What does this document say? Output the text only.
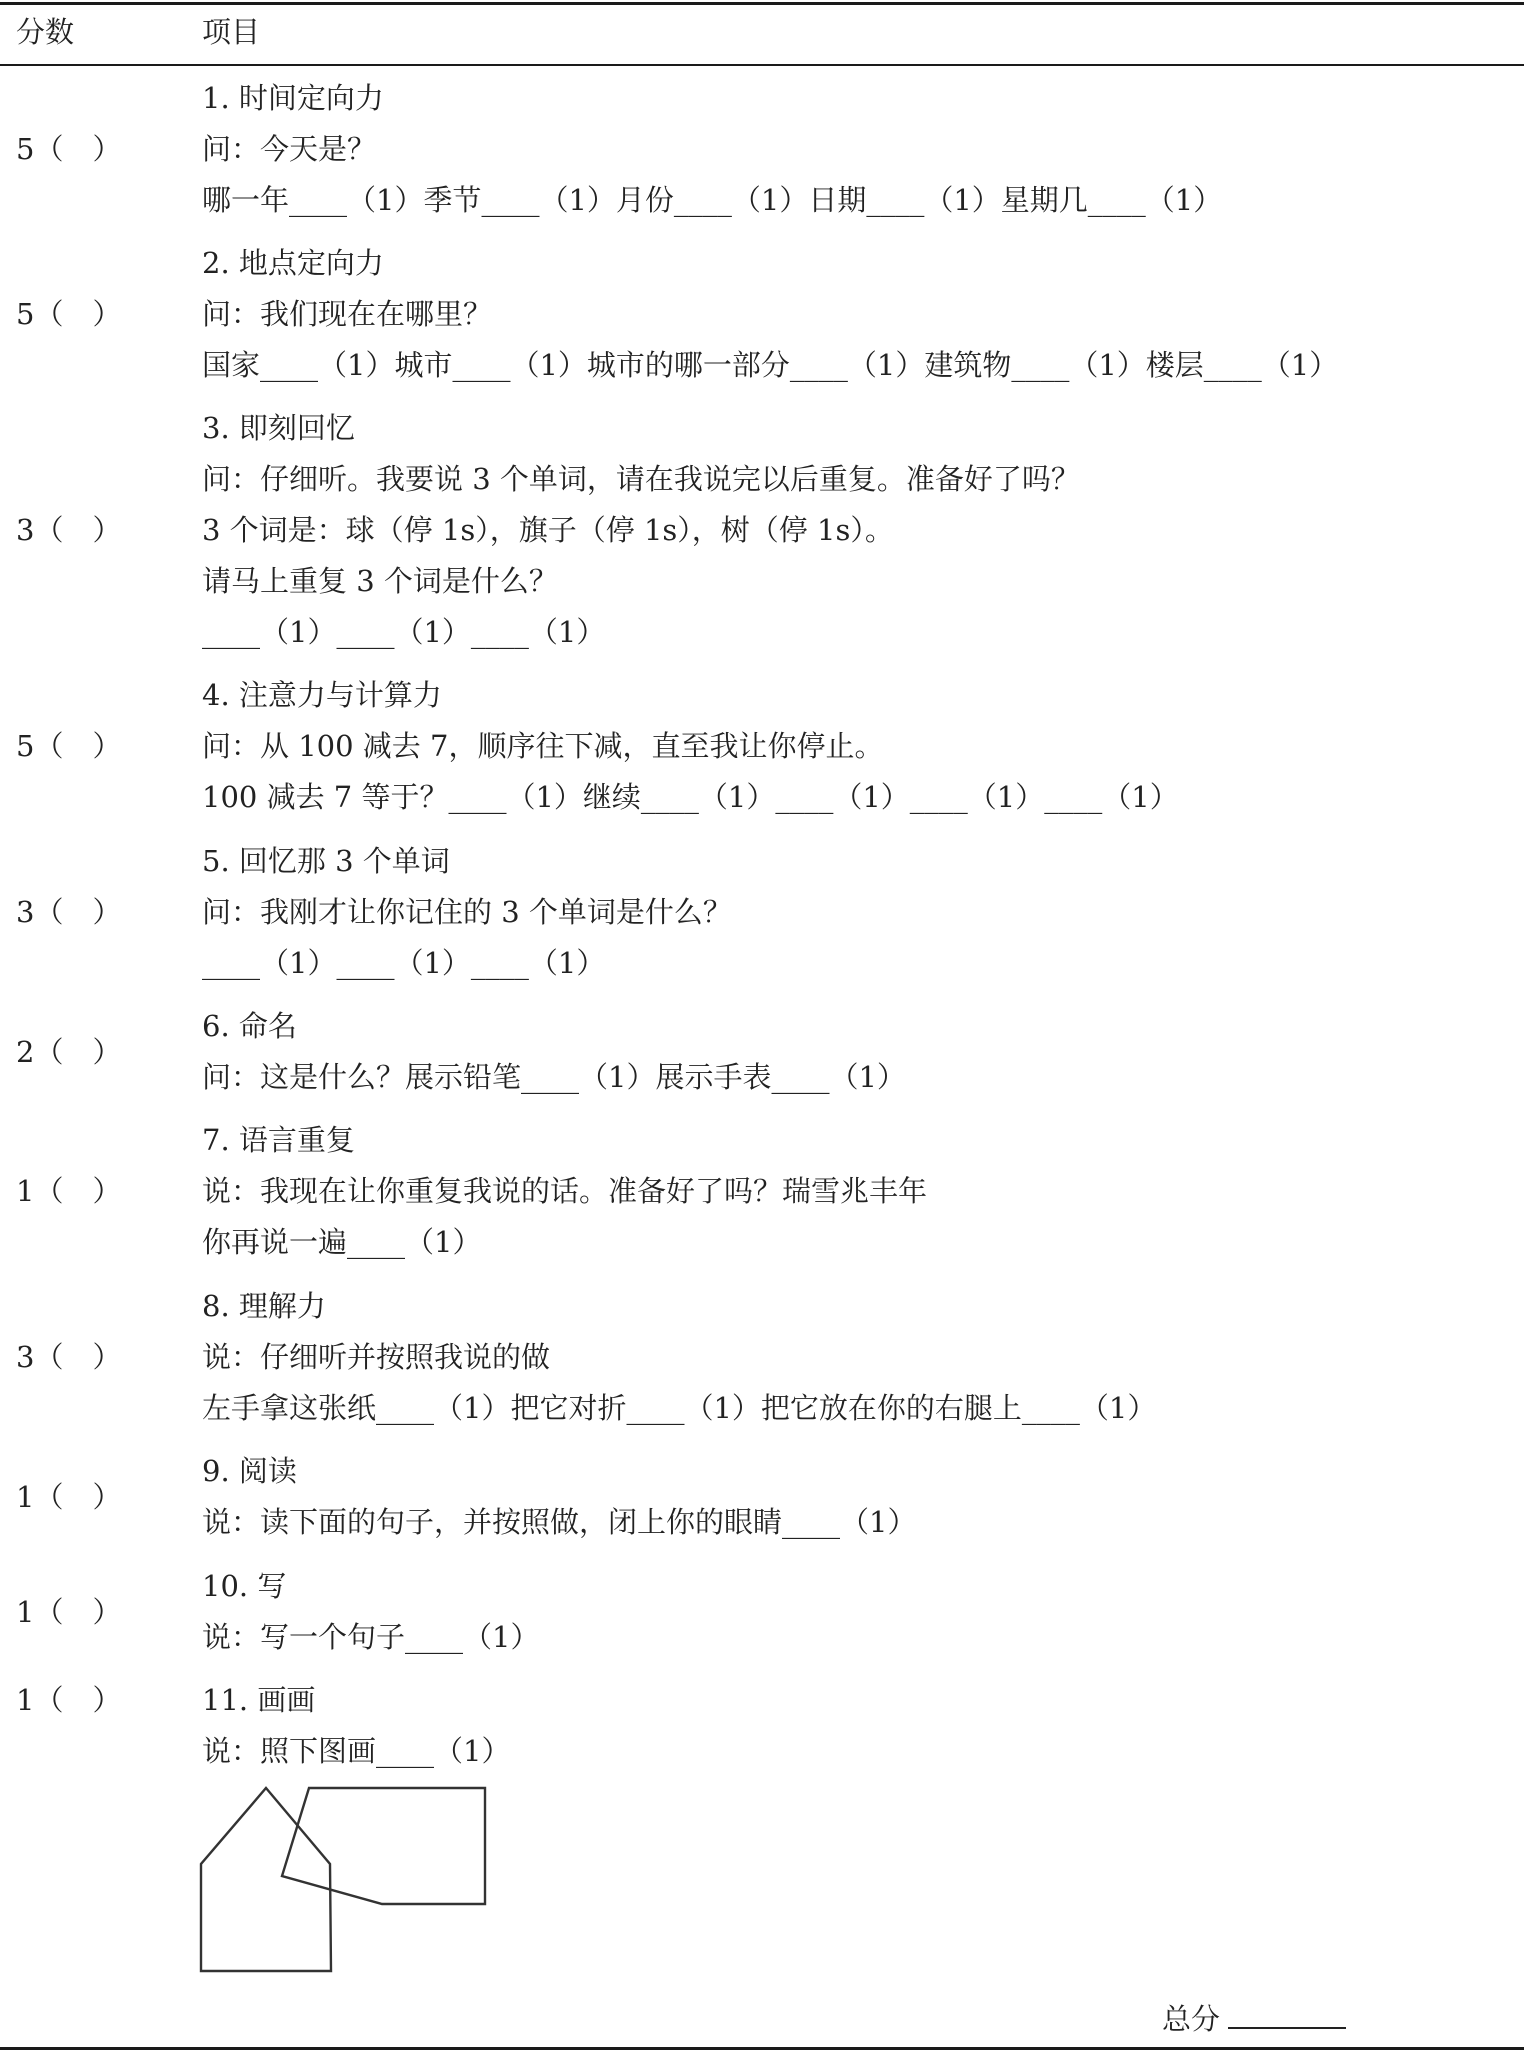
分数	项目
5（　）
1. 时间定向力
问：今天是？
哪一年____（1）季节____（1）月份____（1）日期____（1）星期几____（1）
5（　）
2. 地点定向力
问：我们现在在哪里？
国家____（1）城市____（1）城市的哪一部分____（1）建筑物____（1）楼层____（1）
3（　）
3. 即刻回忆
问：仔细听。我要说 3 个单词，请在我说完以后重复。准备好了吗？
3 个词是：球（停 1s），旗子（停 1s），树（停 1s）。
请马上重复 3 个词是什么？
____（1）____（1）____（1）
5（　）
4. 注意力与计算力
问：从 100 减去 7，顺序往下减，直至我让你停止。
100 减去 7 等于？____（1）继续____（1）____（1）____（1）____（1）
3（　）
5. 回忆那 3 个单词
问：我刚才让你记住的 3 个单词是什么？
____（1）____（1）____（1）
2（　）
6. 命名
问：这是什么？展示铅笔____（1）展示手表____（1）
1（　）
7. 语言重复
说：我现在让你重复我说的话。准备好了吗？瑞雪兆丰年
你再说一遍____（1）
3（　）
8. 理解力
说：仔细听并按照我说的做
左手拿这张纸____（1）把它对折____（1）把它放在你的右腿上____（1）
1（　）
9. 阅读
说：读下面的句子，并按照做，闭上你的眼睛____（1）
1（　）
10. 写
说：写一个句子____（1）
1（　）	11. 画画
说：照下图画____（1）
总分
